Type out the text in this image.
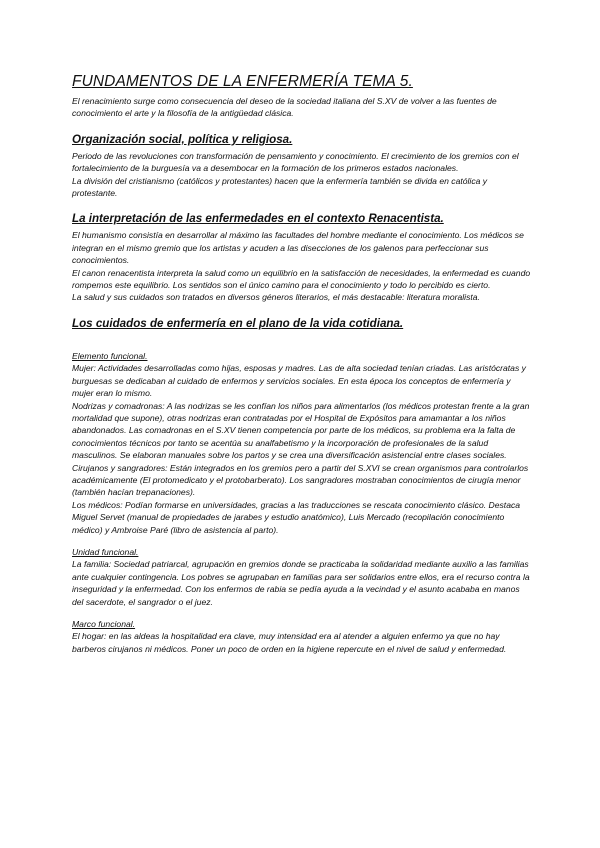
FUNDAMENTOS DE LA ENFERMERÍA TEMA 5.

El renacimiento surge como consecuencia del deseo de la sociedad italiana del S.XV de volver a las fuentes de conocimiento el arte y la filosofía de la antigüedad clásica.

Organización social, política y religiosa.

Periodo de las revoluciones con transformación de pensamiento y conocimiento. El crecimiento de los gremios con el fortalecimiento de la burguesía va a desembocar en la formación de los primeros estados nacionales.

La división del cristianismo (católicos y protestantes) hacen que la enfermería también se divida en católica y protestante.

La interpretación de las enfermedades en el contexto Renacentista.

El humanismo consistía en desarrollar al máximo las facultades del hombre mediante el conocimiento. Los médicos se integran en el mismo gremio que los artistas y acuden a las disecciones de los galenos para perfeccionar sus conocimientos.

El canon renacentista interpreta la salud como un equilibrio en la satisfacción de necesidades, la enfermedad es cuando rompemos este equilibrio. Los sentidos son el único camino para el conocimiento y todo lo percibido es cierto.

La salud y sus cuidados son tratados en diversos géneros literarios, el más destacable: literatura moralista.

Los cuidados de enfermería en el plano de la vida cotidiana.

Elemento funcional.

Mujer: Actividades desarrolladas como hijas, esposas y madres. Las de alta sociedad tenían criadas. Las aristócratas y burguesas se dedicaban al cuidado de enfermos y servicios sociales. En esta época los conceptos de enfermería y mujer eran lo mismo.

Nodrizas y comadronas: A las nodrizas se les confían los niños para alimentarlos (los médicos protestan frente a la gran mortalidad que supone), otras nodrizas eran contratadas por el Hospital de Expósitos para amamantar a los niños abandonados. Las comadronas en el S.XV tienen competencia por parte de los médicos, su problema era la falta de conocimientos técnicos por tanto se acentúa su analfabetismo y la incorporación de profesionales de la salud masculinos. Se elaboran manuales sobre los partos y se crea una diversificación asistencial entre clases sociales.

Cirujanos y sangradores: Están integrados en los gremios pero a partir del S.XVI se crean organismos para controlarlos académicamente (El protomedicato y el protobarberato). Los sangradores mostraban conocimientos de cirugía menor (también hacían trepanaciones).

Los médicos: Podían formarse en universidades, gracias a las traducciones se rescata conocimiento clásico. Destaca Miguel Servet (manual de propiedades de jarabes y estudio anatómico), Luis Mercado (recopilación conocimiento médico) y Ambroise Paré (libro de asistencia al parto).

Unidad funcional.

La familia: Sociedad patriarcal, agrupación en gremios donde se practicaba la solidaridad mediante auxilio a las familias ante cualquier contingencia. Los pobres se agrupaban en familias para ser solidarios entre ellos, era el recurso contra la inseguridad y la enfermedad. Con los enfermos de rabia se pedía ayuda a la vecindad y el asunto acababa en manos del sacerdote, el sangrador o el juez.

Marco funcional.

El hogar: en las aldeas la hospitalidad era clave, muy intensidad era al atender a alguien enfermo ya que no hay barberos cirujanos ni médicos. Poner un poco de orden en la higiene repercute en el nivel de salud y enfermedad.
